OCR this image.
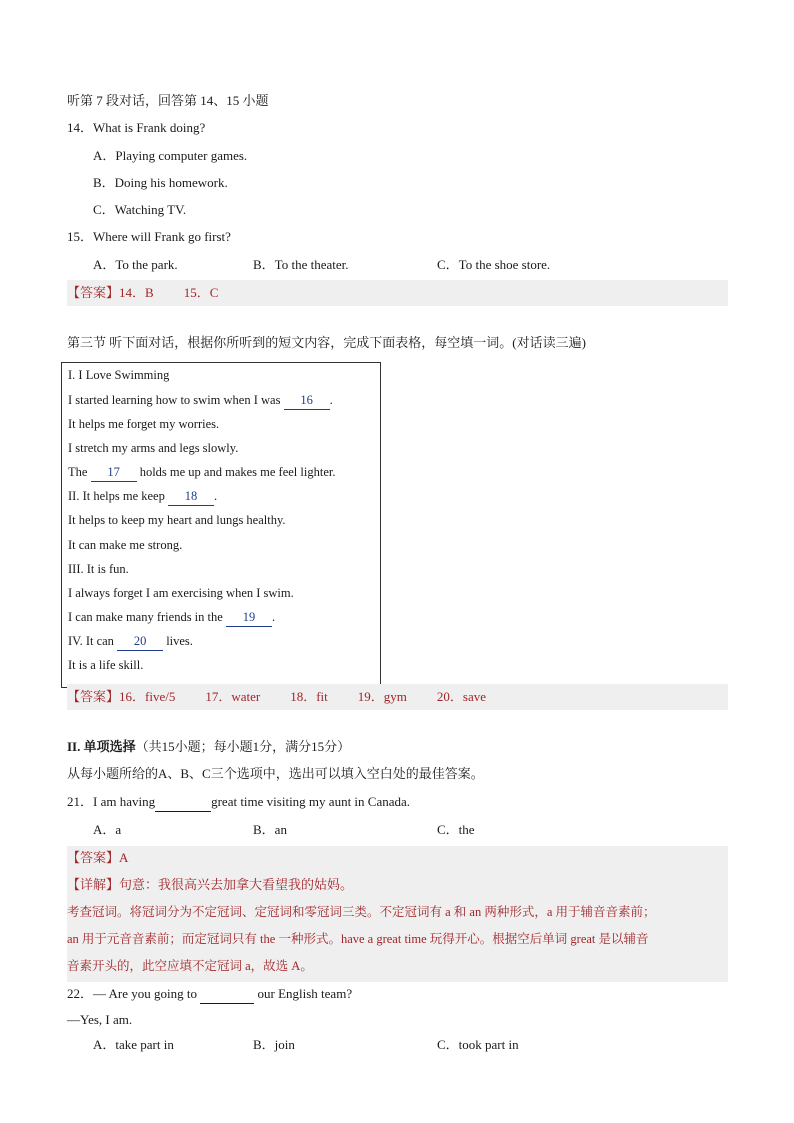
听第 7 段对话，回答第 14、15 小题
14．What is Frank doing?
A．Playing computer games.
B．Doing his homework.
C．Watching TV.
15．Where will Frank go first?
A．To the park.	B．To the theater.	C．To the shoe store.
【答案】14．B 15．C
第三节 听下面对话，根据你所听到的短文内容，完成下面表格，每空填一词。(对话读三遍)
I. I Love Swimming
I started learning how to swim when I was 16 .
It helps me forget my worries.
I stretch my arms and legs slowly.
The 17 holds me up and makes me feel lighter.
II. It helps me keep 18 .
It helps to keep my heart and lungs healthy.
It can make me strong.
III. It is fun.
I always forget I am exercising when I swim.
I can make many friends in the 19 .
IV. It can 20 lives.
It is a life skill.
【答案】16．five/5 17．water 18．fit 19．gym 20．save
II. 单项选择（共15小题；每小题1分，满分15分）
从每小题所给的A、B、C三个选项中，选出可以填入空白处的最佳答案。
21．I am having	great time visiting my aunt in Canada.
A．a	B．an	C．the
【答案】A
【详解】句意：我很高兴去加拿大看望我的姑妈。
考查冠词。将冠词分为不定冠词、定冠词和零冠词三类。不定冠词有 a 和 an 两种形式，a 用于辅音音素前；
an 用于元音音素前；而定冠词只有 the 一种形式。have a great time 玩得开心。根据空后单词 great 是以辅音
音素开头的，此空应填不定冠词 a，故选 A。
22．— Are you going to	our English team?
—Yes, I am.
A．take part in	B．join	C．took part in
